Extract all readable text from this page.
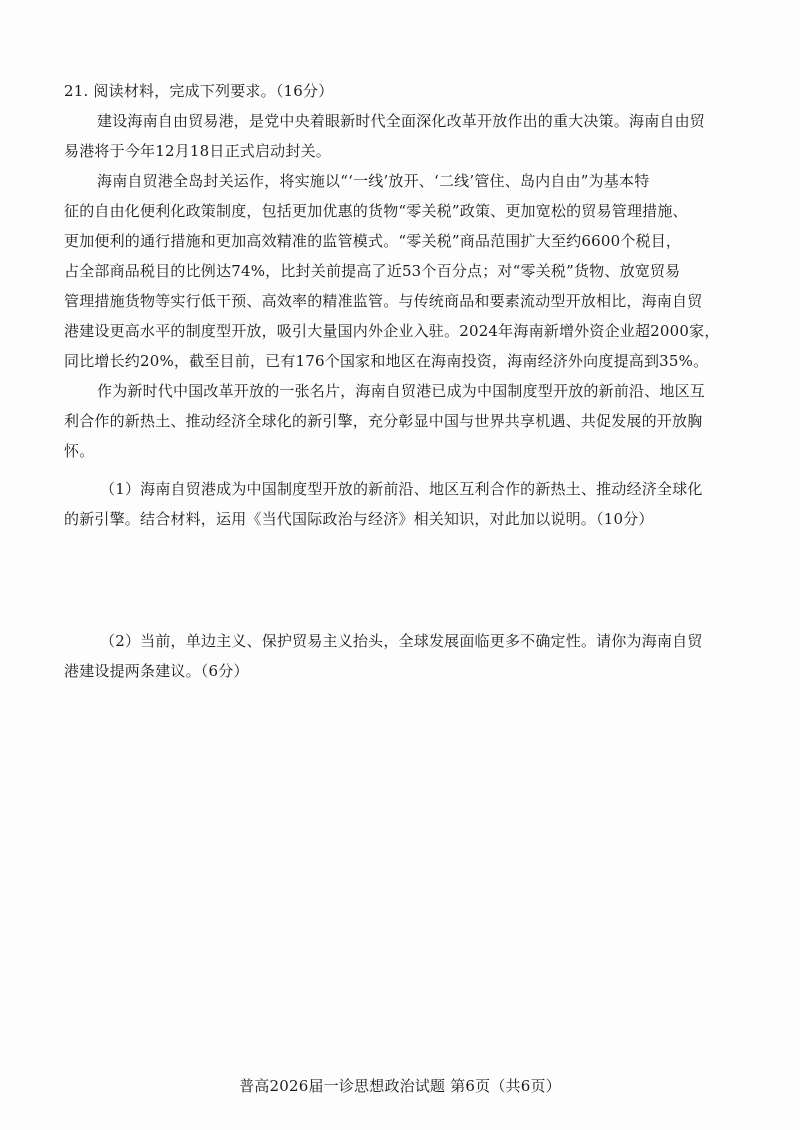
21. 阅读材料，完成下列要求。（16分）
建设海南自由贸易港，是党中央着眼新时代全面深化改革开放作出的重大决策。海南自由贸
易港将于今年12月18日正式启动封关。
海南自贸港全岛封关运作，将实施以“‘一线’放开、‘二线’管住、岛内自由”为基本特
征的自由化便利化政策制度，包括更加优惠的货物“零关税”政策、更加宽松的贸易管理措施、
更加便利的通行措施和更加高效精准的监管模式。“零关税”商品范围扩大至约6600个税目，
占全部商品税目的比例达74%，比封关前提高了近53个百分点；对“零关税”货物、放宽贸易
管理措施货物等实行低干预、高效率的精准监管。与传统商品和要素流动型开放相比，海南自贸
港建设更高水平的制度型开放，吸引大量国内外企业入驻。2024年海南新增外资企业超2000家，
同比增长约20%，截至目前，已有176个国家和地区在海南投资，海南经济外向度提高到35%。
作为新时代中国改革开放的一张名片，海南自贸港已成为中国制度型开放的新前沿、地区互
利合作的新热土、推动经济全球化的新引擎，充分彰显中国与世界共享机遇、共促发展的开放胸
怀。
（1）海南自贸港成为中国制度型开放的新前沿、地区互利合作的新热土、推动经济全球化
的新引擎。结合材料，运用《当代国际政治与经济》相关知识，对此加以说明。（10分）
（2）当前，单边主义、保护贸易主义抬头，全球发展面临更多不确定性。请你为海南自贸
港建设提两条建议。（6分）
普高2026届一诊思想政治试题 第6页（共6页）
